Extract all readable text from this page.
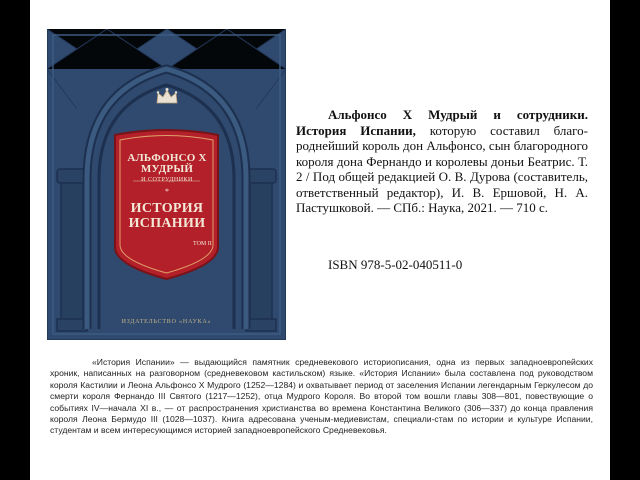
АЛЬФОНСО Х МУДРЫЙ
И СОТРУДНИКИ
*
ИСТОРИЯ ИСПАНИИ
ТОМ II
ИЗДАТЕЛЬСТВО «НАУКА»
Альфонсо Х Мудрый и сотрудники. История Испании, которую составил благо-роднейший король дон Альфонсо, сын благородного короля дона Фернандо и королевы доньи Беатрис. Т. 2 / Под общей редакцией О. В. Дурова (составитель, ответственный редактор), И. В. Ершовой, Н. А. Пастушковой. — СПб.: Наука, 2021. — 710 с.
ISBN 978-5-02-040511-0
«История Испании» — выдающийся памятник средневекового историописания, одна из первых западноевропейских хроник, написанных на разговорном (средневековом кастильском) языке. «История Испании» была составлена под руководством короля Кастилии и Леона Альфонсо Х Мудрого (1252—1284) и охватывает период от заселения Испании легендарным Геркулесом до смерти короля Фернандо III Святого (1217—1252), отца Мудрого Короля. Во второй том вошли главы 308—801, повествующие о событиях IV—начала XI в., — от распространения христианства во времена Константина Великого (306—337) до конца правления короля Леона Бермудо III (1028—1037). Книга адресована ученым-медиевистам, специали-стам по истории и культуре Испании, студентам и всем интересующимся историей западноевропейского Средневековья.
